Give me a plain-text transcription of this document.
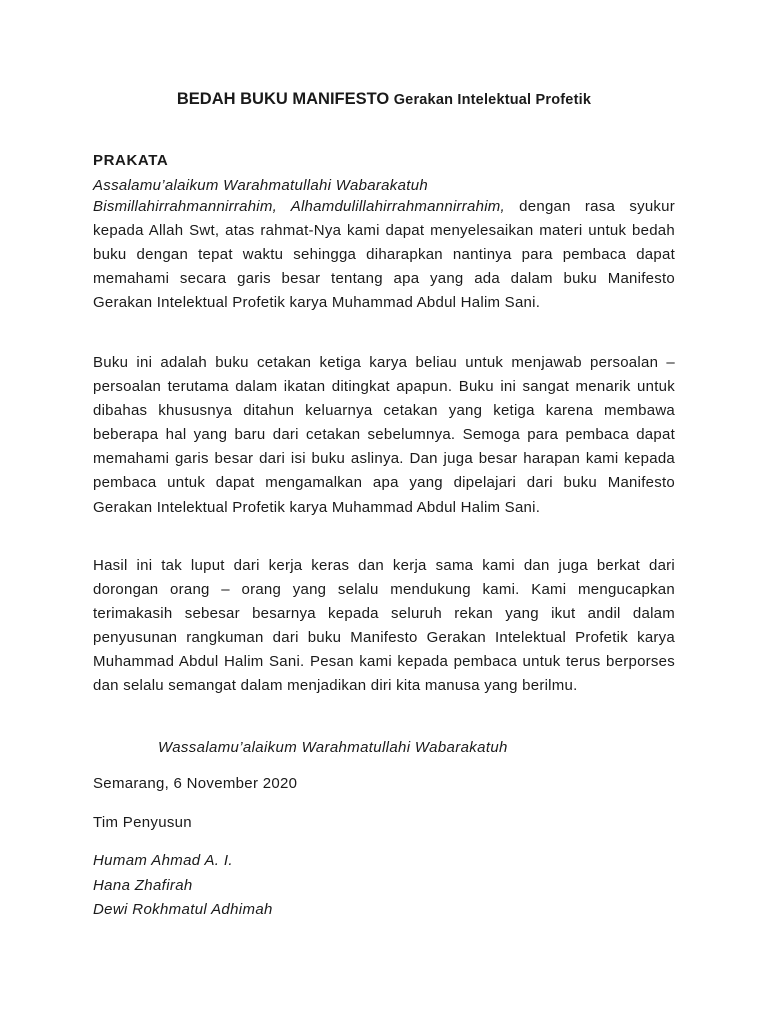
BEDAH BUKU MANIFESTO Gerakan Intelektual Profetik
PRAKATA
Assalamu’alaikum Warahmatullahi Wabarakatuh

Bismillahirrahmannirrahim, Alhamdulillahirrahmannirrahim, dengan rasa syukur kepada Allah Swt, atas rahmat-Nya kami dapat menyelesaikan materi untuk bedah buku dengan tepat waktu sehingga diharapkan nantinya para pembaca dapat memahami secara garis besar tentang apa yang ada dalam buku Manifesto Gerakan Intelektual Profetik karya Muhammad Abdul Halim Sani.

Buku ini adalah buku cetakan ketiga karya beliau untuk menjawab persoalan – persoalan terutama dalam ikatan ditingkat apapun. Buku ini sangat menarik untuk dibahas khususnya ditahun keluarnya cetakan yang ketiga karena membawa beberapa hal yang baru dari cetakan sebelumnya. Semoga para pembaca dapat memahami garis besar dari isi buku aslinya. Dan juga besar harapan kami kepada pembaca untuk dapat mengamalkan apa yang dipelajari dari buku Manifesto Gerakan Intelektual Profetik karya Muhammad Abdul Halim Sani.

Hasil ini tak luput dari kerja keras dan kerja sama kami dan juga berkat dari dorongan orang – orang yang selalu mendukung kami. Kami mengucapkan terimakasih sebesar besarnya kepada seluruh rekan yang ikut andil dalam penyusunan rangkuman dari buku Manifesto Gerakan Intelektual Profetik karya Muhammad Abdul Halim Sani. Pesan kami kepada pembaca untuk terus berporses dan selalu semangat dalam menjadikan diri kita manusa yang berilmu.

Wassalamu’alaikum Warahmatullahi Wabarakatuh
Semarang, 6 November 2020
Tim Penyusun
Humam Ahmad A. I.
Hana Zhafirah
Dewi Rokhmatul Adhimah
